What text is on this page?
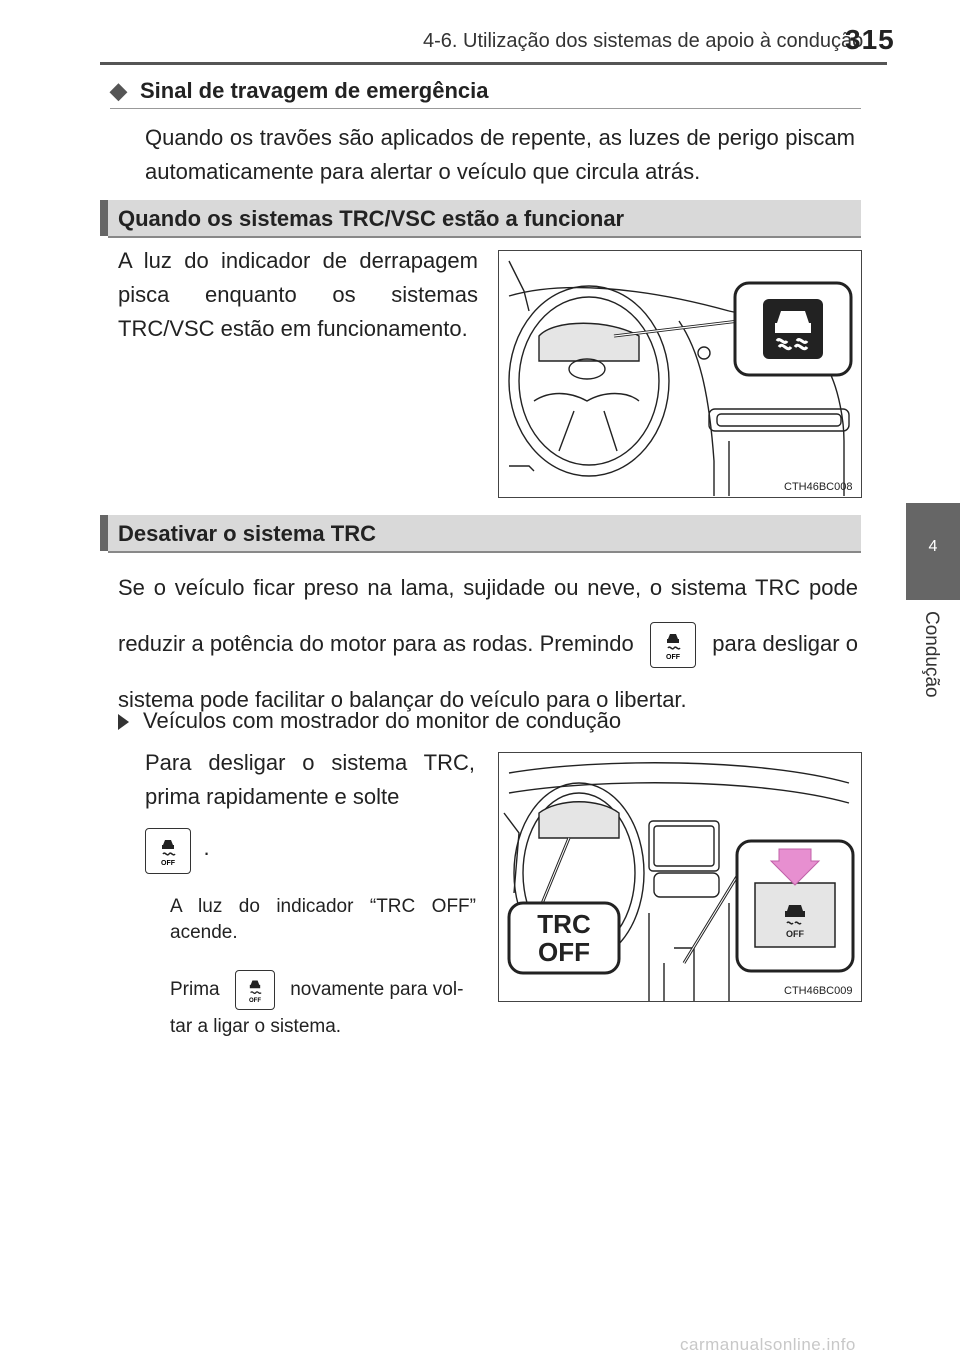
4-6. Utilização dos sistemas de apoio à condução
315
4
Condução
◆ Sinal de travagem de emergência
Quando os travões são aplicados de repente, as luzes de perigo piscam automaticamente para alertar o veículo que circula atrás.
Quando os sistemas TRC/VSC estão a funcionar
A luz do indicador de derrapagem pisca enquanto os sistemas TRC/VSC estão em funcionamento.
CTH46BC008
Desativar o sistema TRC
Se o veículo ficar preso na lama, sujidade ou neve, o sistema TRC pode reduzir a potência do motor para as rodas. Premindo
OFF
para desligar o sistema pode facilitar o balançar do veículo para o libertar.
Veículos com mostrador do monitor de condução
Para desligar o sistema TRC, prima rapidamente e solte
OFF
.
A luz do indicador “TRC OFF” acende.
Prima
OFF
novamente para vol-
tar a ligar o sistema.
TRC
OFF
OFF
CTH46BC009
carmanualsonline.info
